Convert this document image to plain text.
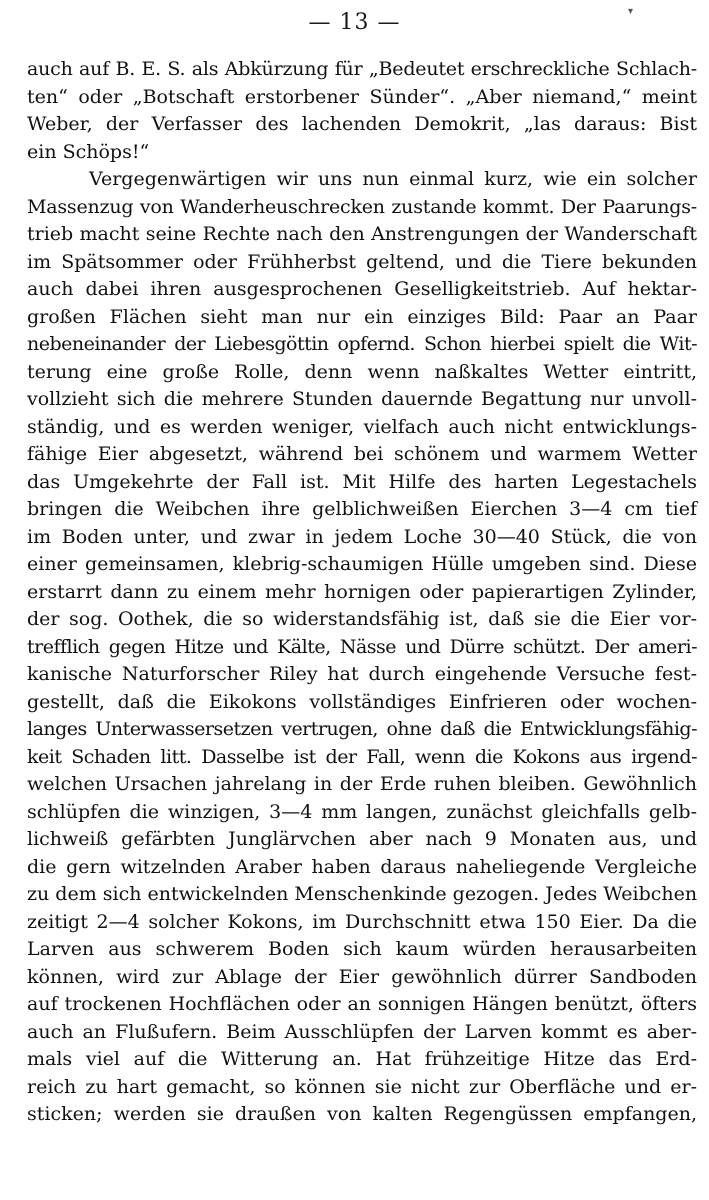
— 13 —	▾
auch auf B. E. S. als Abkürzung für „Bedeutet erschreckliche Schlach-
ten“ oder „Botschaft erstorbener Sünder“. „Aber niemand,“ meint
Weber, der Verfasser des lachenden Demokrit, „las daraus: Bist
ein Schöps!“
Vergegenwärtigen wir uns nun einmal kurz, wie ein solcher
Massenzug von Wanderheuschrecken zustande kommt. Der Paarungs-
trieb macht seine Rechte nach den Anstrengungen der Wanderschaft
im Spätsommer oder Frühherbst geltend, und die Tiere bekunden
auch dabei ihren ausgesprochenen Geselligkeitstrieb. Auf hektar-
großen Flächen sieht man nur ein einziges Bild: Paar an Paar
nebeneinander der Liebesgöttin opfernd. Schon hierbei spielt die Wit-
terung eine große Rolle, denn wenn naßkaltes Wetter eintritt,
vollzieht sich die mehrere Stunden dauernde Begattung nur unvoll-
ständig, und es werden weniger, vielfach auch nicht entwicklungs-
fähige Eier abgesetzt, während bei schönem und warmem Wetter
das Umgekehrte der Fall ist. Mit Hilfe des harten Legestachels
bringen die Weibchen ihre gelblichweißen Eierchen 3—4 cm tief
im Boden unter, und zwar in jedem Loche 30—40 Stück, die von
einer gemeinsamen, klebrig-schaumigen Hülle umgeben sind. Diese
erstarrt dann zu einem mehr hornigen oder papierartigen Zylinder,
der sog. Oothek, die so widerstandsfähig ist, daß sie die Eier vor-
trefflich gegen Hitze und Kälte, Nässe und Dürre schützt. Der ameri-
kanische Naturforscher Riley hat durch eingehende Versuche fest-
gestellt, daß die Eikokons vollständiges Einfrieren oder wochen-
langes Unterwassersetzen vertrugen, ohne daß die Entwicklungsfähig-
keit Schaden litt. Dasselbe ist der Fall, wenn die Kokons aus irgend-
welchen Ursachen jahrelang in der Erde ruhen bleiben. Gewöhnlich
schlüpfen die winzigen, 3—4 mm langen, zunächst gleichfalls gelb-
lichweiß gefärbten Junglärvchen aber nach 9 Monaten aus, und
die gern witzelnden Araber haben daraus naheliegende Vergleiche
zu dem sich entwickelnden Menschenkinde gezogen. Jedes Weibchen
zeitigt 2—4 solcher Kokons, im Durchschnitt etwa 150 Eier. Da die
Larven aus schwerem Boden sich kaum würden herausarbeiten
können, wird zur Ablage der Eier gewöhnlich dürrer Sandboden
auf trockenen Hochflächen oder an sonnigen Hängen benützt, öfters
auch an Flußufern. Beim Ausschlüpfen der Larven kommt es aber-
mals viel auf die Witterung an. Hat frühzeitige Hitze das Erd-
reich zu hart gemacht, so können sie nicht zur Oberfläche und er-
sticken; werden sie draußen von kalten Regengüssen empfangen,
